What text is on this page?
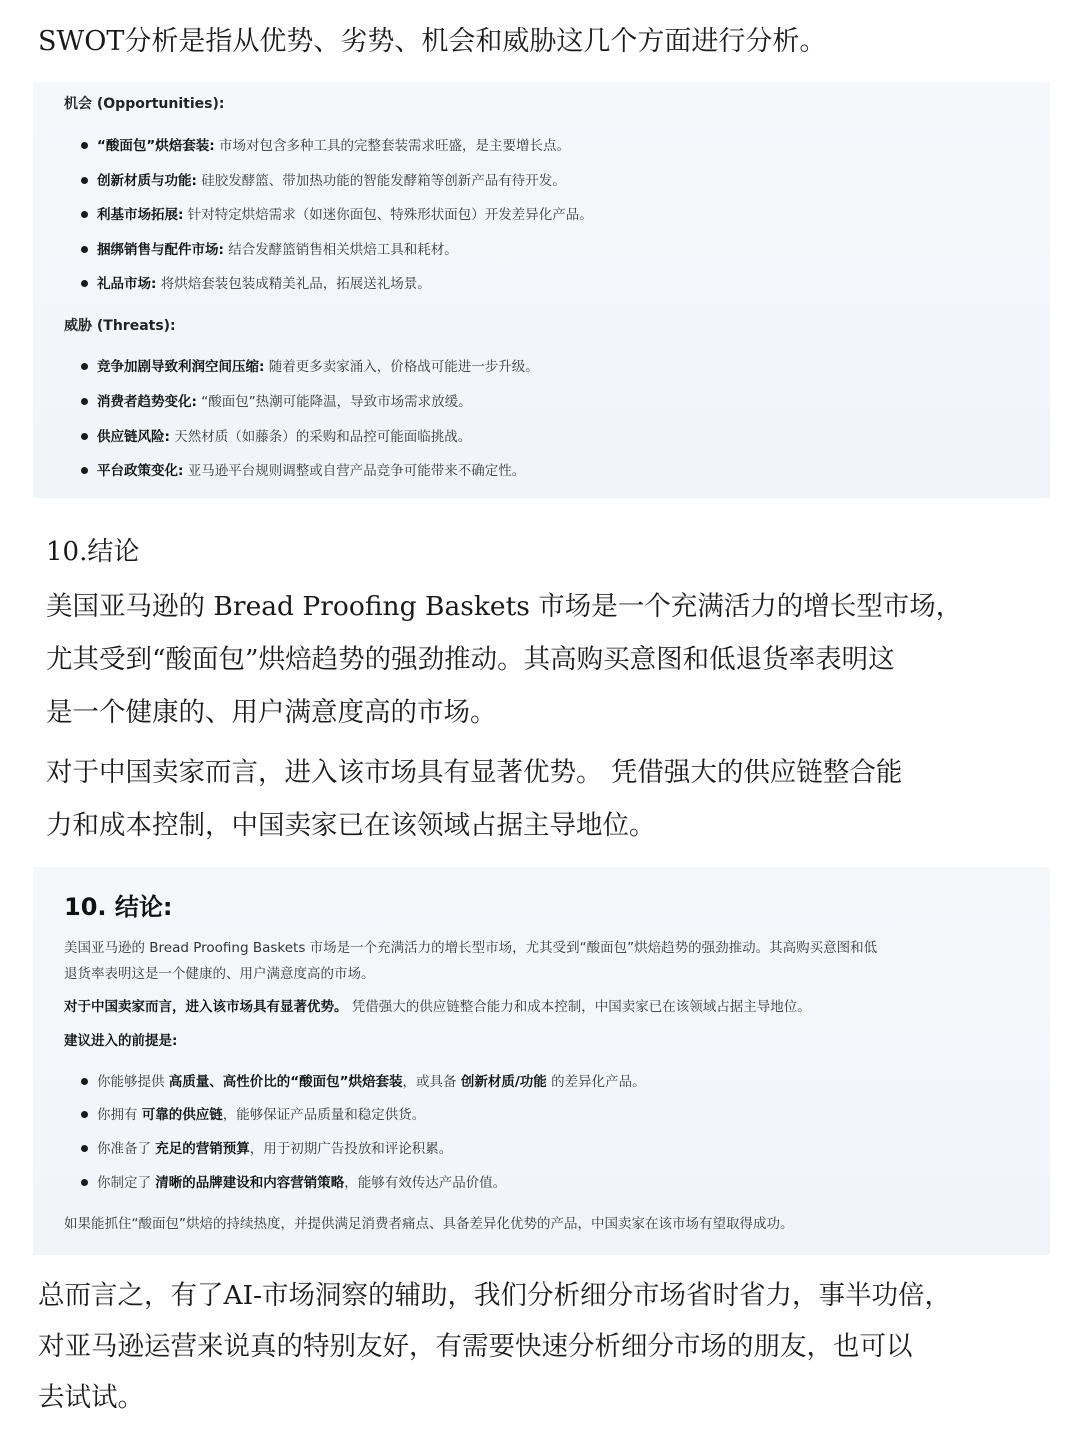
SWOT分析是指从优势、劣势、机会和威胁这几个方面进行分析。
机会 (Opportunities):
“酸面包”烘焙套装: 市场对包含多种工具的完整套装需求旺盛，是主要增长点。
创新材质与功能: 硅胶发酵篮、带加热功能的智能发酵箱等创新产品有待开发。
利基市场拓展: 针对特定烘焙需求（如迷你面包、特殊形状面包）开发差异化产品。
捆绑销售与配件市场: 结合发酵篮销售相关烘焙工具和耗材。
礼品市场: 将烘焙套装包装成精美礼品，拓展送礼场景。
威胁 (Threats):
竞争加剧导致利润空间压缩: 随着更多卖家涌入，价格战可能进一步升级。
消费者趋势变化: “酸面包”热潮可能降温，导致市场需求放缓。
供应链风险: 天然材质（如藤条）的采购和品控可能面临挑战。
平台政策变化: 亚马逊平台规则调整或自营产品竞争可能带来不确定性。
10.结论
美国亚马逊的 Bread Proofing Baskets 市场是一个充满活力的增长型市场，
尤其受到“酸面包”烘焙趋势的强劲推动。其高购买意图和低退货率表明这
是一个健康的、用户满意度高的市场。
对于中国卖家而言，进入该市场具有显著优势。 凭借强大的供应链整合能
力和成本控制，中国卖家已在该领域占据主导地位。
10. 结论:
美国亚马逊的 Bread Proofing Baskets 市场是一个充满活力的增长型市场，尤其受到“酸面包”烘焙趋势的强劲推动。其高购买意图和低
退货率表明这是一个健康的、用户满意度高的市场。
对于中国卖家而言，进入该市场具有显著优势。 凭借强大的供应链整合能力和成本控制，中国卖家已在该领域占据主导地位。
建议进入的前提是:
你能够提供 高质量、高性价比的“酸面包”烘焙套装，或具备 创新材质/功能 的差异化产品。
你拥有 可靠的供应链，能够保证产品质量和稳定供货。
你准备了 充足的营销预算，用于初期广告投放和评论积累。
你制定了 清晰的品牌建设和内容营销策略，能够有效传达产品价值。
如果能抓住“酸面包”烘焙的持续热度，并提供满足消费者痛点、具备差异化优势的产品，中国卖家在该市场有望取得成功。
总而言之，有了AI-市场洞察的辅助，我们分析细分市场省时省力，事半功倍，
对亚马逊运营来说真的特别友好，有需要快速分析细分市场的朋友，也可以
去试试。
